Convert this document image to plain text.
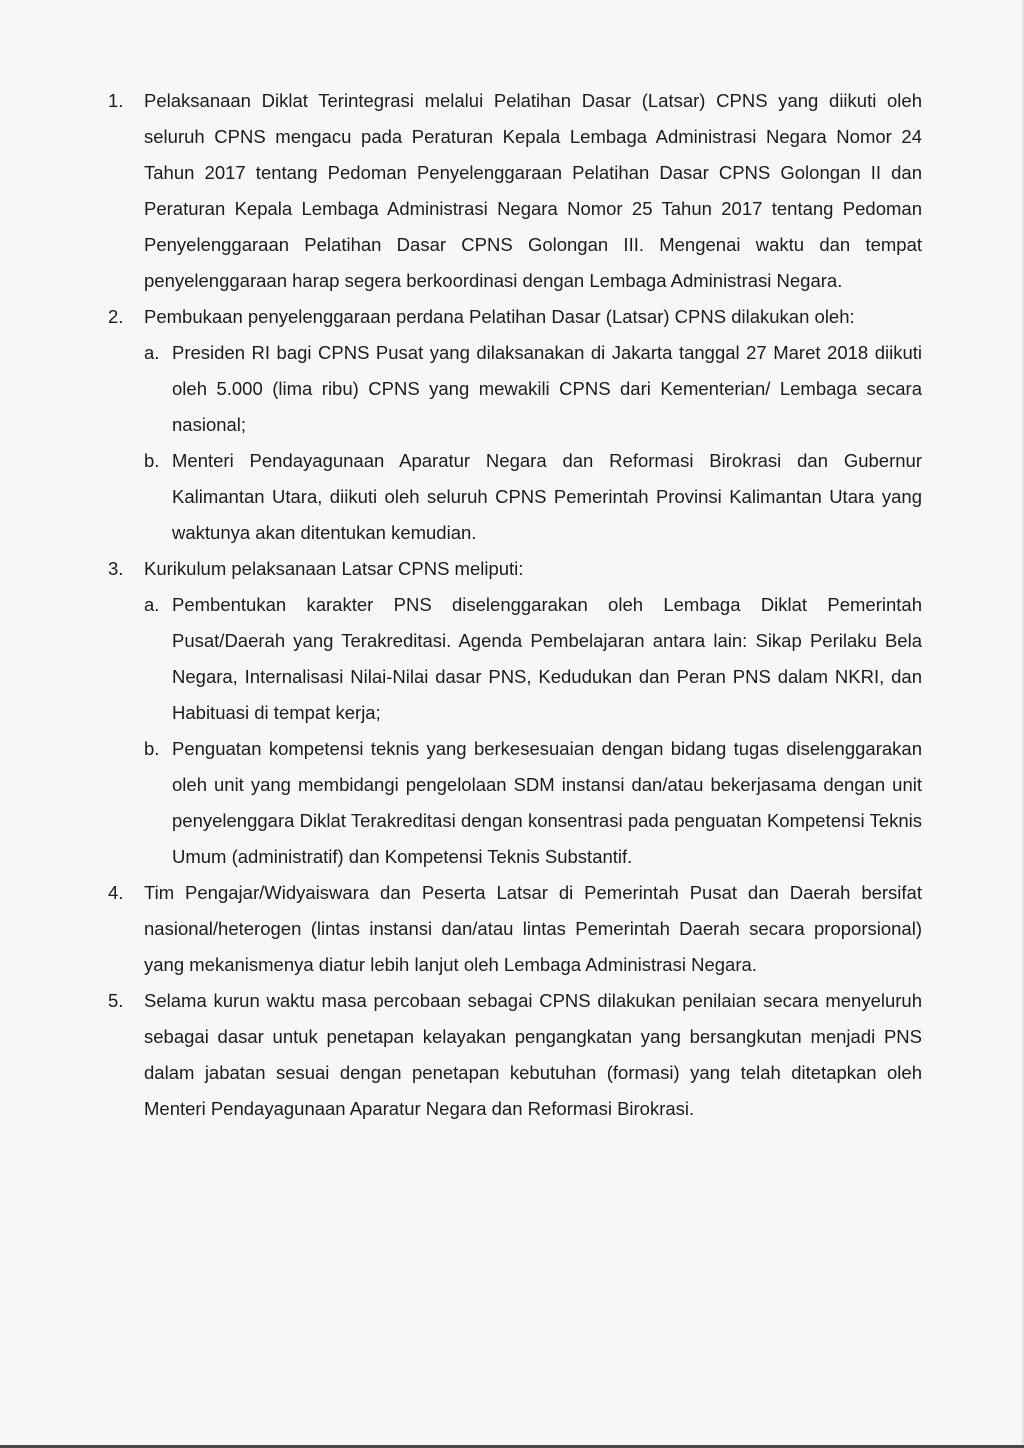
1.	Pelaksanaan Diklat Terintegrasi melalui Pelatihan Dasar (Latsar) CPNS yang diikuti oleh seluruh CPNS mengacu pada Peraturan Kepala Lembaga Administrasi Negara Nomor 24 Tahun 2017 tentang Pedoman Penyelenggaraan Pelatihan Dasar CPNS Golongan II dan Peraturan Kepala Lembaga Administrasi Negara Nomor 25 Tahun 2017 tentang Pedoman Penyelenggaraan Pelatihan Dasar CPNS Golongan III. Mengenai waktu dan tempat penyelenggaraan harap segera berkoordinasi dengan Lembaga Administrasi Negara.
2.	Pembukaan penyelenggaraan perdana Pelatihan Dasar (Latsar) CPNS dilakukan oleh:
a. Presiden RI bagi CPNS Pusat yang dilaksanakan di Jakarta tanggal 27 Maret 2018 diikuti oleh 5.000 (lima ribu) CPNS yang mewakili CPNS dari Kementerian/ Lembaga secara nasional;
b. Menteri Pendayagunaan Aparatur Negara dan Reformasi Birokrasi dan Gubernur Kalimantan Utara, diikuti oleh seluruh CPNS Pemerintah Provinsi Kalimantan Utara yang waktunya akan ditentukan kemudian.
3.	Kurikulum pelaksanaan Latsar CPNS meliputi:
a. Pembentukan karakter PNS diselenggarakan oleh Lembaga Diklat Pemerintah Pusat/Daerah yang Terakreditasi. Agenda Pembelajaran antara lain: Sikap Perilaku Bela Negara, Internalisasi Nilai-Nilai dasar PNS, Kedudukan dan Peran PNS dalam NKRI, dan Habituasi di tempat kerja;
b. Penguatan kompetensi teknis yang berkesesuaian dengan bidang tugas diselenggarakan oleh unit yang membidangi pengelolaan SDM instansi dan/atau bekerjasama dengan unit penyelenggara Diklat Terakreditasi dengan konsentrasi pada penguatan Kompetensi Teknis Umum (administratif) dan Kompetensi Teknis Substantif.
4.	Tim Pengajar/Widyaiswara dan Peserta Latsar di Pemerintah Pusat dan Daerah bersifat nasional/heterogen (lintas instansi dan/atau lintas Pemerintah Daerah secara proporsional) yang mekanismenya diatur lebih lanjut oleh Lembaga Administrasi Negara.
5.	Selama kurun waktu masa percobaan sebagai CPNS dilakukan penilaian secara menyeluruh sebagai dasar untuk penetapan kelayakan pengangkatan yang bersangkutan menjadi PNS dalam jabatan sesuai dengan penetapan kebutuhan (formasi) yang telah ditetapkan oleh Menteri Pendayagunaan Aparatur Negara dan Reformasi Birokrasi.
